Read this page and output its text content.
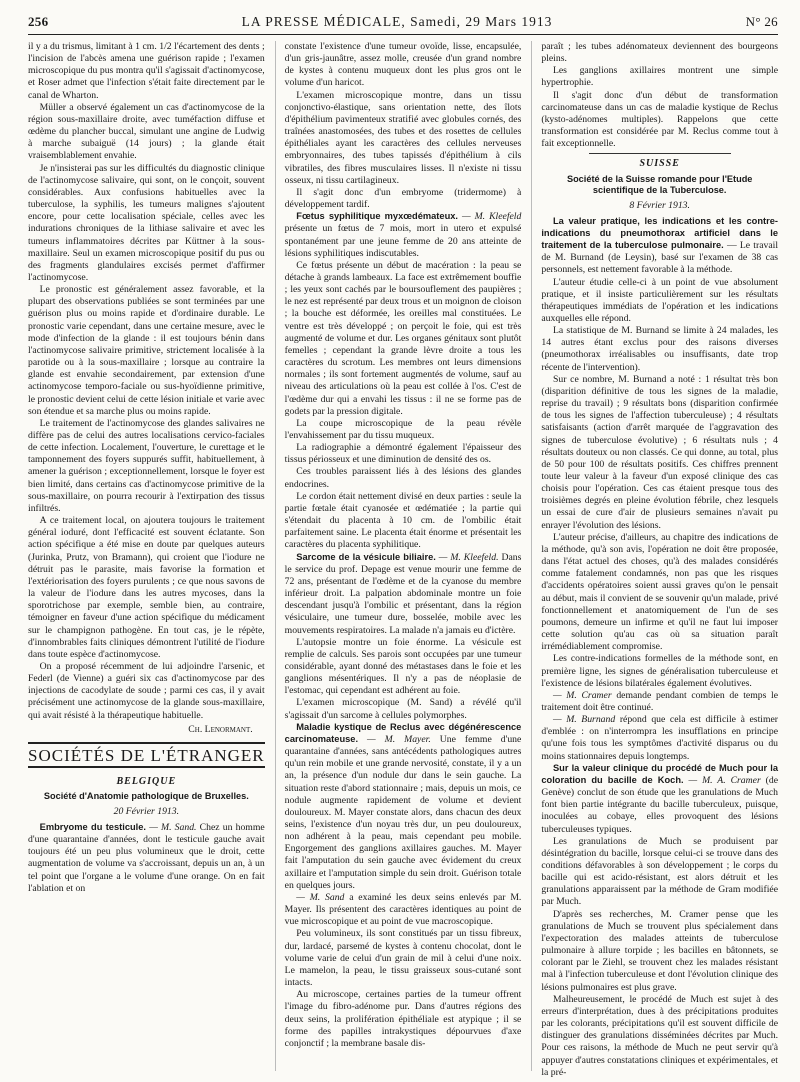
256	LA PRESSE MÉDICALE, Samedi, 29 Mars 1913	N° 26

il y a du trismus, limitant à 1 cm. 1/2 l'écartement des dents ; l'incision de l'abcès amena une guérison rapide ; l'examen microscopique du pus montra qu'il s'agissait d'actinomycose, et Roser admet que l'infection s'était faite directement par le canal de Wharton.

Müller a observé également un cas d'actinomycose de la région sous-maxillaire droite, avec tuméfaction diffuse et œdème du plancher buccal, simulant une angine de Ludwig à marche subaiguë (14 jours) ; la glande était vraisemblablement envahie.

Je n'insisterai pas sur les difficultés du diagnostic clinique de l'actinomycose salivaire, qui sont, on le conçoit, souvent considérables. Aux confusions habituelles avec la tuberculose, la syphilis, les tumeurs malignes s'ajoutent encore, pour cette localisation spéciale, celles avec les indurations chroniques de la lithiase salivaire et avec les tumeurs inflammatoires décrites par Küttner à la sous-maxillaire. Seul un examen microscopique positif du pus ou des fragments glandulaires excisés permet d'affirmer l'actinomycose.

Le pronostic est généralement assez favorable, et la plupart des observations publiées se sont terminées par une guérison plus ou moins rapide et d'ordinaire durable. Le pronostic varie cependant, dans une certaine mesure, avec le mode d'infection de la glande : il est toujours bénin dans l'actinomycose salivaire primitive, strictement localisée à la parotide ou à la sous-maxillaire ; lorsque au contraire la glande est envahie secondairement, par extension d'une actinomycose temporo-faciale ou sus-hyoïdienne primitive, le pronostic devient celui de cette lésion initiale et varie avec son étendue et sa marche plus ou moins rapide.

Le traitement de l'actinomycose des glandes salivaires ne diffère pas de celui des autres localisations cervico-faciales de cette infection. Localement, l'ouverture, le curettage et le tamponnement des foyers suppurés suffit, habituellement, à amener la guérison ; exceptionnellement, lorsque le foyer est bien limité, dans certains cas d'actinomycose primitive de la sous-maxillaire, on pourra recourir à l'extirpation des tissus infiltrés.

A ce traitement local, on ajoutera toujours le traitement général ioduré, dont l'efficacité est souvent éclatante. Son action spécifique a été mise en doute par quelques auteurs (Jurinka, Prutz, von Bramann), qui croient que l'iodure ne détruit pas le parasite, mais favorise la formation et l'extériorisation des foyers purulents ; ce que nous savons de la valeur de l'iodure dans les autres mycoses, dans la sporotrichose par exemple, semble bien, au contraire, témoigner en faveur d'une action spécifique du médicament sur le champignon pathogène. En tout cas, je le répète, d'innombrables faits cliniques démontrent l'utilité de l'iodure dans toute espèce d'actinomycose.

On a proposé récemment de lui adjoindre l'arsenic, et Federl (de Vienne) a guéri six cas d'actinomycose par des injections de cacodylate de soude ; parmi ces cas, il y avait précisément une actinomycose de la glande sous-maxillaire, qui avait résisté à la thérapeutique habituelle.

Ch. Lenormant.
SOCIÉTÉS DE L'ÉTRANGER
BELGIQUE
Société d'Anatomie pathologique de Bruxelles.
20 Février 1913.

Embryome du testicule. — M. Sand. Chez un homme d'une quarantaine d'années, dont le testicule gauche avait toujours été un peu plus volumineux que le droit, cette augmentation de volume va s'accroissant, depuis un an, à un tel point que l'organe a le volume d'une orange. On en fait l'ablation et on

constate l'existence d'une tumeur ovoïde, lisse, encapsulée, d'un gris-jaunâtre, assez molle, creusée d'un grand nombre de kystes à contenu muqueux dont les plus gros ont le volume d'un haricot.

L'examen microscopique montre, dans un tissu conjonctivo-élastique, sans orientation nette, des îlots d'épithélium pavimenteux stratifié avec globules cornés, des traînées anastomosées, des tubes et des rosettes de cellules épithéliales ayant les caractères des cellules nerveuses embryonnaires, des tubes tapissés d'épithélium à cils vibratiles, des fibres musculaires lisses. Il n'existe ni tissu osseux, ni tissu cartilagineux.

Il s'agit donc d'un embryome (tridermome) à développement tardif.

Fœtus syphilitique myxœdémateux. — M. Kleefeld présente un fœtus de 7 mois, mort in utero et expulsé spontanément par une jeune femme de 20 ans atteinte de lésions syphilitiques indiscutables.

Ce fœtus présente un début de macération : la peau se détache à grands lambeaux. La face est extrêmement bouffie ; les yeux sont cachés par le boursouflement des paupières ; le nez est représenté par deux trous et un moignon de cloison ; la bouche est déformée, les oreilles mal constituées. Le ventre est très développé ; on perçoit le foie, qui est très augmenté de volume et dur. Les organes génitaux sont plutôt femelles ; cependant la grande lèvre droite a tous les caractères du scrotum. Les membres ont leurs dimensions normales ; ils sont fortement augmentés de volume, sauf au niveau des articulations où la peau est collée à l'os. C'est de l'œdème dur qui a envahi les tissus : il ne se forme pas de godets par la pression digitale.

La coupe microscopique de la peau révèle l'envahissement par du tissu muqueux.

La radiographie a démontré également l'épaisseur des tissus périosseux et une diminution de densité des os.

Ces troubles paraissent liés à des lésions des glandes endocrines.

Le cordon était nettement divisé en deux parties : seule la partie fœtale était cyanosée et œdématiée ; la partie qui s'étendait du placenta à 10 cm. de l'ombilic était parfaitement saine. Le placenta était énorme et présentait les caractères du placenta syphilitique.

Sarcome de la vésicule biliaire. — M. Kleefeld. Dans le service du prof. Depage est venue mourir une femme de 72 ans, présentant de l'œdème et de la cyanose du membre inférieur droit. La palpation abdominale montre un foie descendant jusqu'à l'ombilic et présentant, dans la région vésiculaire, une tumeur dure, bosselée, mobile avec les mouvements respiratoires. La malade n'a jamais eu d'ictère.

L'autopsie montre un foie énorme. La vésicule est remplie de calculs. Ses parois sont occupées par une tumeur considérable, ayant donné des métastases dans le foie et les ganglions mésentériques. Il n'y a pas de néoplasie de l'estomac, qui cependant est adhérent au foie.

L'examen microscopique (M. Sand) a révélé qu'il s'agissait d'un sarcome à cellules polymorphes.

Maladie kystique de Reclus avec dégénérescence carcinomateuse. — M. Mayer. Une femme d'une quarantaine d'années, sans antécédents pathologiques autres qu'un rein mobile et une grande nervosité, constate, il y a un an, la présence d'un nodule dur dans le sein gauche. La situation reste d'abord stationnaire ; mais, depuis un mois, ce nodule augmente rapidement de volume et devient douloureux. M. Mayer constate alors, dans chacun des deux seins, l'existence d'un noyau très dur, un peu douloureux, non adhérent à la peau, mais cependant peu mobile. Engorgement des ganglions axillaires gauches. M. Mayer fait l'amputation du sein gauche avec évidement du creux axillaire et l'amputation simple du sein droit. Guérison totale en quelques jours.

— M. Sand a examiné les deux seins enlevés par M. Mayer. Ils présentent des caractères identiques au point de vue microscopique et au point de vue macroscopique.

Peu volumineux, ils sont constitués par un tissu fibreux, dur, lardacé, parsemé de kystes à contenu chocolat, dont le volume varie de celui d'un grain de mil à celui d'une noix. Le mamelon, la peau, le tissu graisseux sous-cutané sont intacts.

Au microscope, certaines parties de la tumeur offrent l'image du fibro-adénome pur. Dans d'autres régions des deux seins, la prolifération épithéliale est atypique ; il se forme des papilles intrakystiques dépourvues d'axe conjonctif ; la membrane basale dis-

paraît ; les tubes adénomateux deviennent des bourgeons pleins.

Les ganglions axillaires montrent une simple hypertrophie.

Il s'agit donc d'un début de transformation carcinomateuse dans un cas de maladie kystique de Reclus (kysto-adénomes multiples). Rappelons que cette transformation est considérée par M. Reclus comme tout à fait exceptionnelle.

SUISSE
Société de la Suisse romande pour l'Etude scientifique de la Tuberculose.
8 Février 1913.

La valeur pratique, les indications et les contre-indications du pneumothorax artificiel dans le traitement de la tuberculose pulmonaire. — Le travail de M. Burnand (de Leysin), basé sur l'examen de 38 cas personnels, est nettement favorable à la méthode.

L'auteur étudie celle-ci à un point de vue absolument pratique, et il insiste particulièrement sur les résultats thérapeutiques immédiats de l'opération et les indications auxquelles elle répond.

La statistique de M. Burnand se limite à 24 malades, les 14 autres étant exclus pour des raisons diverses (pneumothorax irréalisables ou insuffisants, date trop récente de l'intervention).

Sur ce nombre, M. Burnand a noté : 1 résultat très bon (disparition définitive de tous les signes de la maladie, reprise du travail) ; 9 résultats bons (disparition confirmée de tous les signes de l'affection tuberculeuse) ; 4 résultats satisfaisants (action d'arrêt marquée de l'aggravation des signes de tuberculose évolutive) ; 6 résultats nuls ; 4 résultats douteux ou non classés. Ce qui donne, au total, plus de 50 pour 100 de résultats positifs. Ces chiffres prennent toute leur valeur à la faveur d'un exposé clinique des cas choisis pour l'opération. Ces cas étaient presque tous des troisièmes degrés en pleine évolution fébrile, chez lesquels un essai de cure d'air de plusieurs semaines n'avait pu enrayer l'évolution des lésions.

L'auteur précise, d'ailleurs, au chapitre des indications de la méthode, qu'à son avis, l'opération ne doit être proposée, dans l'état actuel des choses, qu'à des malades considérés comme fatalement condamnés, non pas que les risques d'accidents opératoires soient aussi graves qu'on le pensait au début, mais il convient de se souvenir qu'un malade, privé fonctionnellement et anatomiquement de l'un de ses poumons, demeure un infirme et qu'il ne faut lui imposer cette solution qu'au cas où sa situation paraît irrémédiablement compromise.

Les contre-indications formelles de la méthode sont, en première ligne, les signes de généralisation tuberculeuse et l'existence de lésions bilatérales également évolutives.

— M. Cramer demande pendant combien de temps le traitement doit être continué.

— M. Burnand répond que cela est difficile à estimer d'emblée : on n'interrompra les insufflations en principe qu'une fois tous les symptômes d'activité disparus ou du moins stationnaires depuis longtemps.

Sur la valeur clinique du procédé de Much pour la coloration du bacille de Koch. — M. A. Cramer (de Genève) conclut de son étude que les granulations de Much font bien partie intégrante du bacille tuberculeux, puisque, inoculées au cobaye, elles provoquent des lésions tuberculeuses typiques.

Les granulations de Much se produisent par désintégration du bacille, lorsque celui-ci se trouve dans des conditions défavorables à son développement ; le corps du bacille qui est acido-résistant, est alors détruit et les granulations apparaissent par la méthode de Gram modifiée par Much.

D'après ses recherches, M. Cramer pense que les granulations de Much se trouvent plus spécialement dans l'expectoration des malades atteints de tuberculose pulmonaire à allure torpide ; les bacilles en bâtonnets, se colorant par le Ziehl, se trouvent chez les malades résistant mal à l'infection tuberculeuse et dont l'évolution clinique des lésions pulmonaires est plus grave.

Malheureusement, le procédé de Much est sujet à des erreurs d'interprétation, dues à des précipitations produites par les colorants, précipitations qu'il est souvent difficile de distinguer des granulations disséminées décrites par Much. Pour ces raisons, la méthode de Much ne peut servir qu'à appuyer d'autres constatations cliniques et expérimentales, et la pré-
